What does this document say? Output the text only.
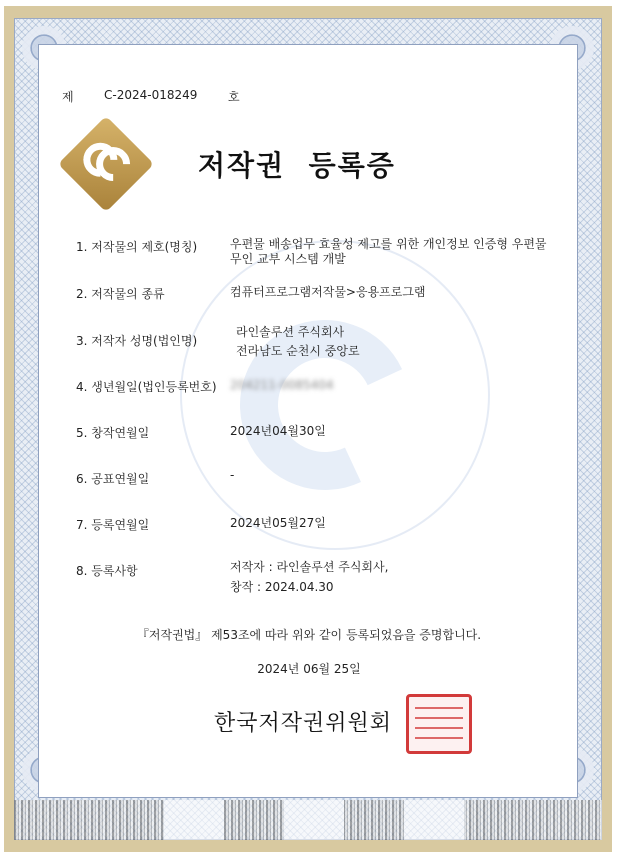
제	C-2024-018249	호
저작권  등록증
1. 저작물의 제호(명칭)	우편물 배송업무 효율성 제고를 위한 개인정보 인증형 우편물 무인 교부 시스템 개발
2. 저작물의 종류	컴퓨터프로그램저작물>응용프로그램
3. 저작자 성명(법인명)
라인솔루션 주식회사
전라남도 순천시 중앙로
4. 생년월일(법인등록번호) 204211-0085404
5. 창작연월일	2024년04월30일
6. 공표연월일	-
7. 등록연월일	2024년05월27일
8. 등록사항	저작자 : 라인솔루션 주식회사,
창작 : 2024.04.30
『저작권법』 제53조에 따라 위와 같이 등록되었음을 증명합니다.
2024년 06월 25일
한국저작권위원회
